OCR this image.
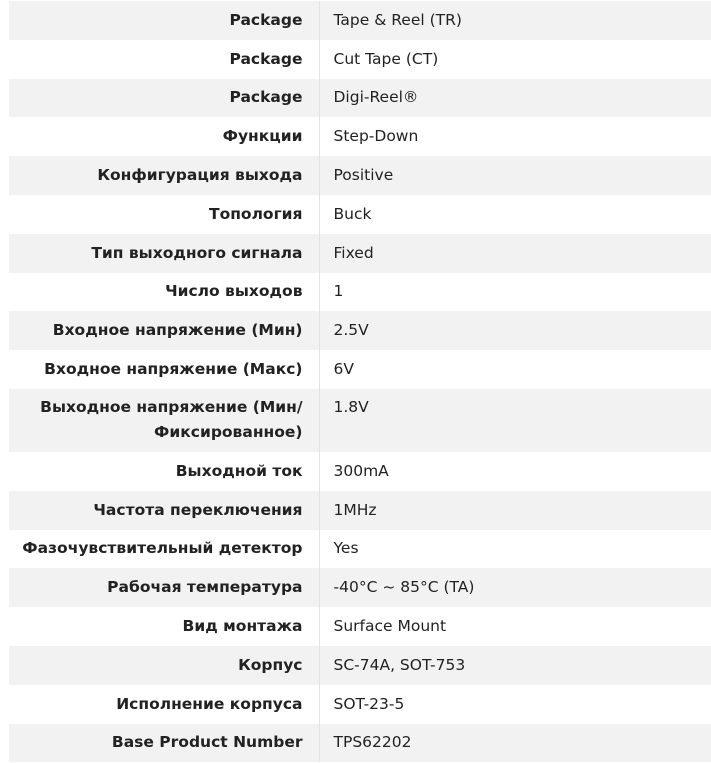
Package	Tape & Reel (TR)
Package	Cut Tape (CT)
Package	Digi-Reel®
Функции	Step-Down
Конфигурация выхода	Positive
Топология	Buck
Тип выходного сигнала	Fixed
Число выходов	1
Входное напряжение (Мин)	2.5V
Входное напряжение (Макс)	6V
Выходное напряжение (Мин/ Фиксированное)	1.8V
Выходной ток	300mA
Частота переключения	1MHz
Фазочувствительный детектор	Yes
Рабочая температура	-40°C ~ 85°C (TA)
Вид монтажа	Surface Mount
Корпус	SC-74A, SOT-753
Исполнение корпуса	SOT-23-5
Base Product Number	TPS62202
